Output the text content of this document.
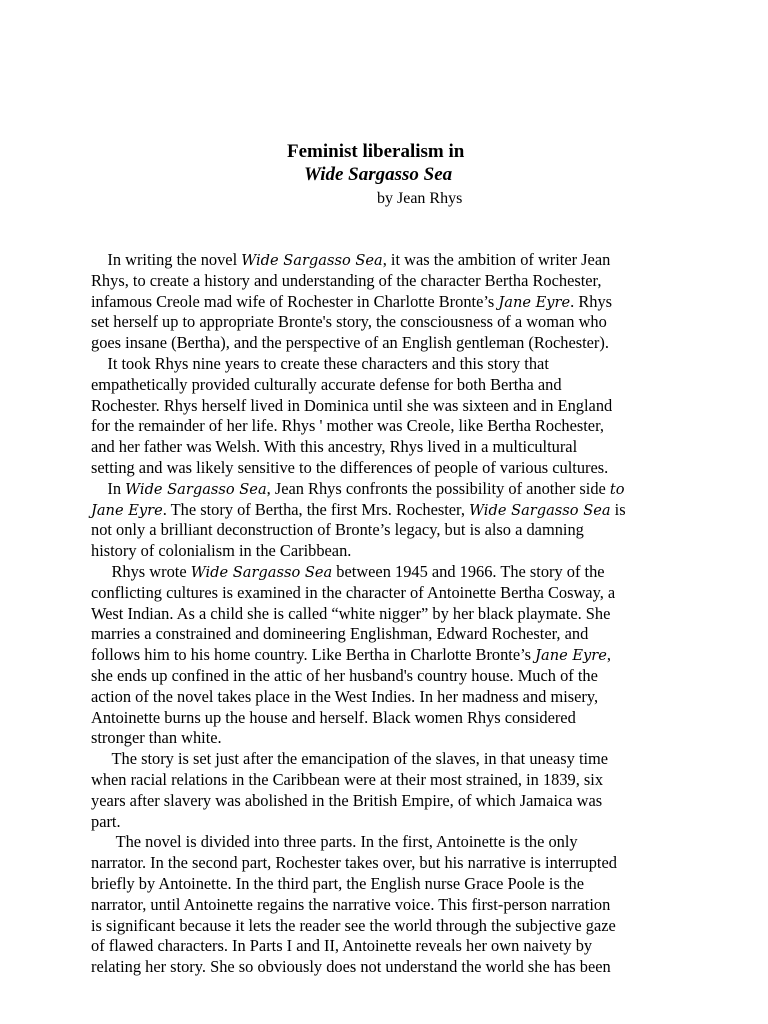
Feminist liberalism in
Wide Sargasso Sea
by Jean Rhys
In writing the novel Wide Sargasso Sea, it was the ambition of writer Jean
Rhys, to create a history and understanding of the character Bertha Rochester,
infamous Creole mad wife of Rochester in Charlotte Bronte’s Jane Eyre. Rhys
set herself up to appropriate Bronte's story, the consciousness of a woman who
goes insane (Bertha), and the perspective of an English gentleman (Rochester).
It took Rhys nine years to create these characters and this story that
empathetically provided culturally accurate defense for both Bertha and
Rochester. Rhys herself lived in Dominica until she was sixteen and in England
for the remainder of her life. Rhys ' mother was Creole, like Bertha Rochester,
and her father was Welsh. With this ancestry, Rhys lived in a multicultural
setting and was likely sensitive to the differences of people of various cultures.
In Wide Sargasso Sea, Jean Rhys confronts the possibility of another side to
Jane Eyre. The story of Bertha, the first Mrs. Rochester, Wide Sargasso Sea is
not only a brilliant deconstruction of Bronte’s legacy, but is also a damning
history of colonialism in the Caribbean.
Rhys wrote Wide Sargasso Sea between 1945 and 1966. The story of the
conflicting cultures is examined in the character of Antoinette Bertha Cosway, a
West Indian. As a child she is called “white nigger” by her black playmate. She
marries a constrained and domineering Englishman, Edward Rochester, and
follows him to his home country. Like Bertha in Charlotte Bronte’s Jane Eyre,
she ends up confined in the attic of her husband's country house. Much of the
action of the novel takes place in the West Indies. In her madness and misery,
Antoinette burns up the house and herself. Black women Rhys considered
stronger than white.
The story is set just after the emancipation of the slaves, in that uneasy time
when racial relations in the Caribbean were at their most strained, in 1839, six
years after slavery was abolished in the British Empire, of which Jamaica was
part.
The novel is divided into three parts. In the first, Antoinette is the only
narrator. In the second part, Rochester takes over, but his narrative is interrupted
briefly by Antoinette. In the third part, the English nurse Grace Poole is the
narrator, until Antoinette regains the narrative voice. This first-person narration
is significant because it lets the reader see the world through the subjective gaze
of flawed characters. In Parts I and II, Antoinette reveals her own naivety by
relating her story. She so obviously does not understand the world she has been
